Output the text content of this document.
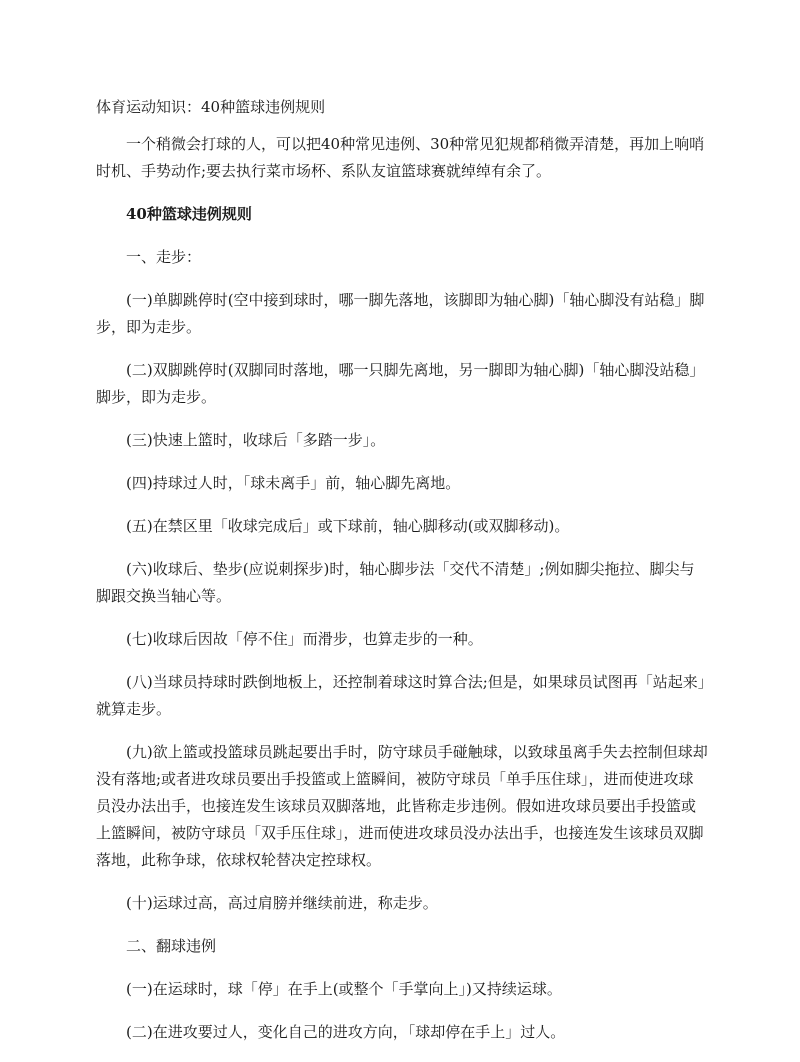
体育运动知识：40种篮球违例规则

一个稍微会打球的人，可以把40种常见违例、30种常见犯规都稍微弄清楚，再加上响哨时机、手势动作;要去执行菜市场杯、系队友谊篮球赛就绰绰有余了。

40种篮球违例规则

一、走步：

(一)单脚跳停时(空中接到球时，哪一脚先落地，该脚即为轴心脚)「轴心脚没有站稳」脚步，即为走步。

(二)双脚跳停时(双脚同时落地，哪一只脚先离地，另一脚即为轴心脚)「轴心脚没站稳」脚步，即为走步。

(三)快速上篮时，收球后「多踏一步」。

(四)持球过人时，「球未离手」前，轴心脚先离地。

(五)在禁区里「收球完成后」或下球前，轴心脚移动(或双脚移动)。

(六)收球后、垫步(应说刺探步)时，轴心脚步法「交代不清楚」;例如脚尖拖拉、脚尖与脚跟交换当轴心等。

(七)收球后因故「停不住」而滑步，也算走步的一种。

(八)当球员持球时跌倒地板上，还控制着球这时算合法;但是，如果球员试图再「站起来」就算走步。

(九)欲上篮或投篮球员跳起要出手时，防守球员手碰触球，以致球虽离手失去控制但球却没有落地;或者进攻球员要出手投篮或上篮瞬间，被防守球员「单手压住球」，进而使进攻球员没办法出手，也接连发生该球员双脚落地，此皆称走步违例。假如进攻球员要出手投篮或上篮瞬间，被防守球员「双手压住球」，进而使进攻球员没办法出手，也接连发生该球员双脚落地，此称争球，依球权轮替决定控球权。

(十)运球过高，高过肩膀并继续前进，称走步。

二、翻球违例

(一)在运球时，球「停」在手上(或整个「手掌向上」)又持续运球。

(二)在进攻要过人，变化自己的进攻方向，「球却停在手上」过人。
